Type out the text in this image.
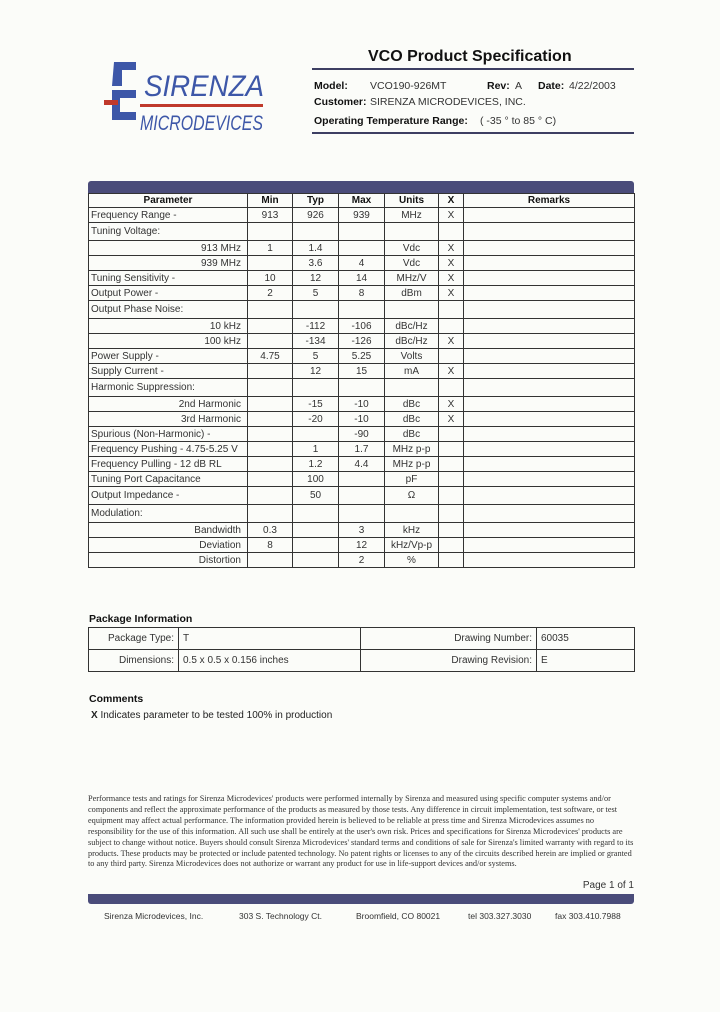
SIRENZA
MICRODEVICES
VCO Product Specification
Model: VCO190-926MT	Rev: A Date: 4/22/2003
Customer: SIRENZA MICRODEVICES, INC.
Operating Temperature Range: ( -35 ° to 85 ° C)
Parameter	Min	Typ	Max	Units	X	Remarks
Frequency Range -	913	926	939	MHz	X	
Tuning Voltage:						
913 MHz	1	1.4		Vdc	X	
939 MHz		3.6	4	Vdc	X	
Tuning Sensitivity -	10	12	14	MHz/V	X	
Output Power -	2	5	8	dBm	X	
Output Phase Noise:						
10 kHz		-112	-106	dBc/Hz		
100 kHz		-134	-126	dBc/Hz	X	
Power Supply -	4.75	5	5.25	Volts		
Supply Current -		12	15	mA	X	
Harmonic Suppression:						
2nd Harmonic		-15	-10	dBc	X	
3rd Harmonic		-20	-10	dBc	X	
Spurious (Non-Harmonic) -			-90	dBc		
Frequency Pushing - 4.75-5.25 V		1	1.7	MHz p-p		
Frequency Pulling - 12 dB RL		1.2	4.4	MHz p-p		
Tuning Port Capacitance		100		pF		
Output Impedance -		50		Ω		
Modulation:						
Bandwidth	0.3		3	kHz		
Deviation	8		12	kHz/Vp-p		
Distortion			2	%		
Package Information
Package Type:	T	Drawing Number:	60035
Dimensions:	0.5 x 0.5 x 0.156 inches	Drawing Revision:	E
Comments
X Indicates parameter to be tested 100% in production
Performance tests and ratings for Sirenza Microdevices' products were performed internally by Sirenza and measured using specific computer systems and/or components and reflect the approximate performance of the products as measured by those tests. Any difference in circuit implementation, test software, or test equipment may affect actual performance. The information provided herein is believed to be reliable at press time and Sirenza Microdevices assumes no responsibility for the use of this information. All such use shall be entirely at the user's own risk. Prices and specifications for Sirenza Microdevices' products are subject to change without notice. Buyers should consult Sirenza Microdevices' standard terms and conditions of sale for Sirenza's limited warranty with regard to its products. These products may be protected or include patented technology. No patent rights or licenses to any of the circuits described herein are implied or granted to any third party. Sirenza Microdevices does not authorize or warrant any product for use in life-support devices and/or systems.
Page 1 of 1
Sirenza Microdevices, Inc.	303 S. Technology Ct.	Broomfield, CO 80021	tel 303.327.3030	fax 303.410.7988
